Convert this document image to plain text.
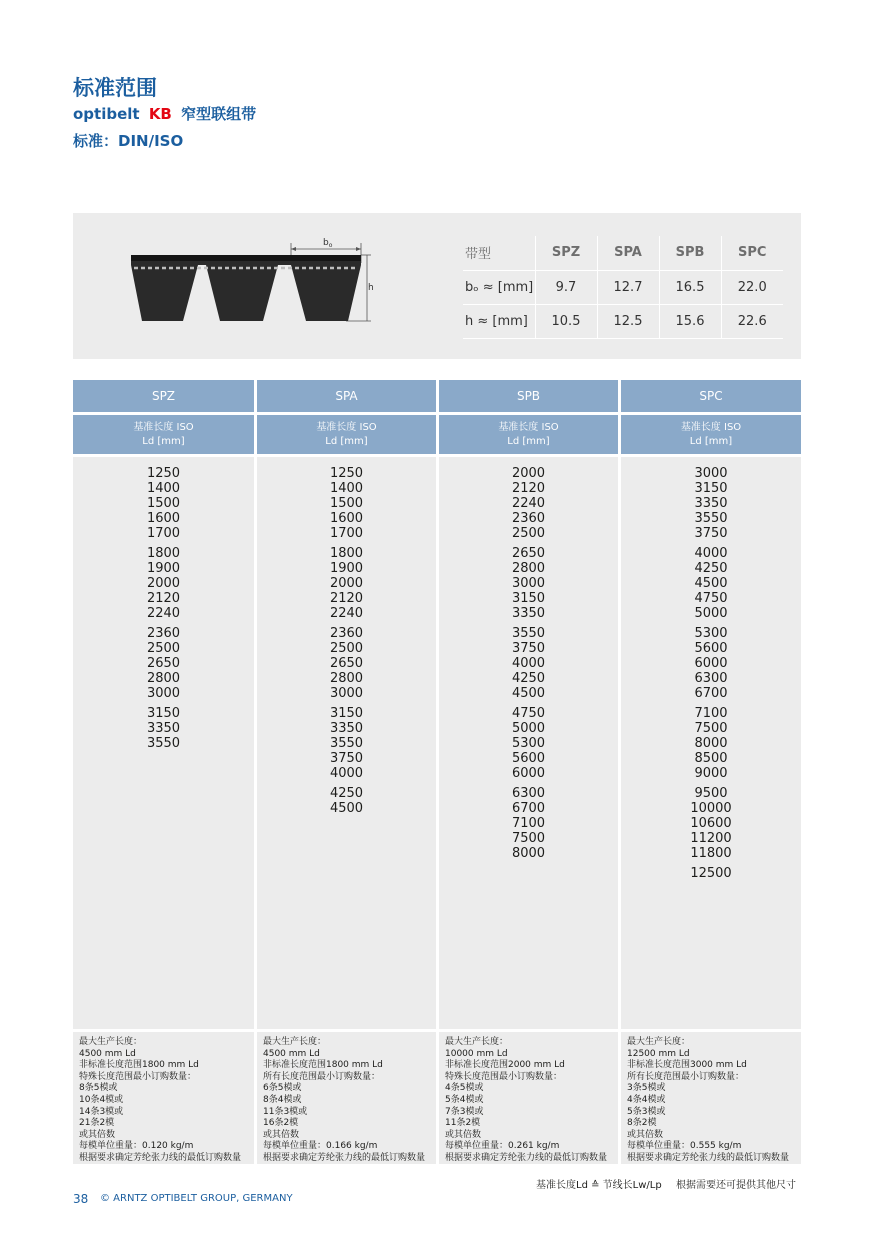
标准范围
optibelt KB 窄型联组带
标准：DIN/ISO
$b_o$
h
带型	SPZ	SPA	SPB	SPC
bₒ ≈ [mm]	9.7	12.7	16.5	22.0
h ≈ [mm]	10.5	12.5	15.6	22.6
SPZ
基准长度 ISO
Ld [mm]
1250
1400
1500
1600
1700
1800
1900
2000
2120
2240
2360
2500
2650
2800
3000
3150
3350
3550
最大生产长度：
4500 mm Ld
非标准长度范围1800 mm Ld
特殊长度范围最小订购数量：
8条5模或
10条4模或
14条3模或
21条2模
或其倍数
每模单位重量：0.120 kg/m
根据要求确定芳纶张力线的最低订购数量
SPA
基准长度 ISO
Ld [mm]
1250
1400
1500
1600
1700
1800
1900
2000
2120
2240
2360
2500
2650
2800
3000
3150
3350
3550
3750
4000
4250
4500
最大生产长度：
4500 mm Ld
非标准长度范围1800 mm Ld
所有长度范围最小订购数量：
6条5模或
8条4模或
11条3模或
16条2模
或其倍数
每模单位重量：0.166 kg/m
根据要求确定芳纶张力线的最低订购数量
SPB
基准长度 ISO
Ld [mm]
2000
2120
2240
2360
2500
2650
2800
3000
3150
3350
3550
3750
4000
4250
4500
4750
5000
5300
5600
6000
6300
6700
7100
7500
8000
最大生产长度：
10000 mm Ld
非标准长度范围2000 mm Ld
特殊长度范围最小订购数量：
4条5模或
5条4模或
7条3模或
11条2模
或其倍数
每模单位重量：0.261 kg/m
根据要求确定芳纶张力线的最低订购数量
SPC
基准长度 ISO
Ld [mm]
3000
3150
3350
3550
3750
4000
4250
4500
4750
5000
5300
5600
6000
6300
6700
7100
7500
8000
8500
9000
9500
10000
10600
11200
11800
12500
最大生产长度：
12500 mm Ld
非标准长度范围3000 mm Ld
所有长度范围最小订购数量：
3条5模或
4条4模或
5条3模或
8条2模
或其倍数
每模单位重量：0.555 kg/m
根据要求确定芳纶张力线的最低订购数量
基准长度Ld ≙ 节线长Lw/Lp 根据需要还可提供其他尺寸
38 © ARNTZ OPTIBELT GROUP, GERMANY
